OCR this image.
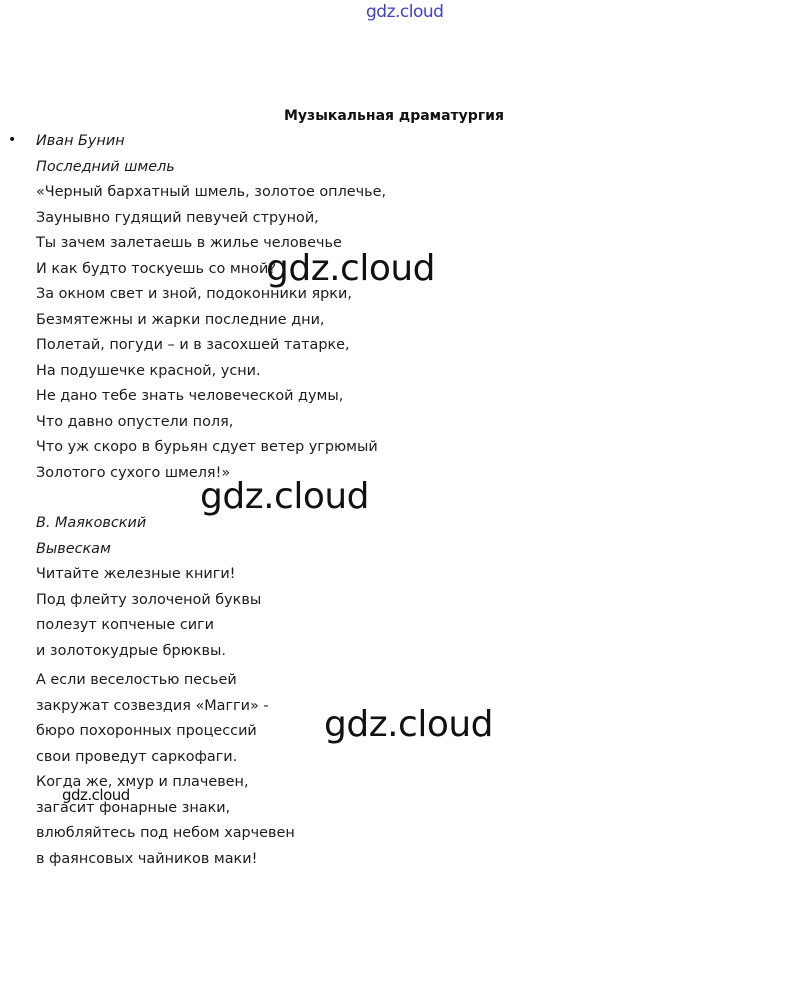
gdz.cloud
Музыкальная драматургия
• Иван Бунин
Последний шмель
«Черный бархатный шмель, золотое оплечье,
Заунывно гудящий певучей струной,
Ты зачем залетаешь в жилье человечье
И как будто тоскуешь со мной?
За окном свет и зной, подоконники ярки,
Безмятежны и жарки последние дни,
Полетай, погуди – и в засохшей татарке,
На подушечке красной, усни.
Не дано тебе знать человеческой думы,
Что давно опустели поля,
Что уж скоро в бурьян сдует ветер угрюмый
Золотого сухого шмеля!»
В. Маяковский
Вывескам
Читайте железные книги!
Под флейту золоченой буквы
полезут копченые сиги
и золотокудрые брюквы.
А если веселостью песьей
закружат созвездия «Магги» -
бюро похоронных процессий
свои проведут саркофаги.
Когда же, хмур и плачевен,
загасит фонарные знаки,
влюбляйтесь под небом харчевен
в фаянсовых чайников маки!
gdz.cloud
gdz.cloud
gdz.cloud
gdz.cloud
